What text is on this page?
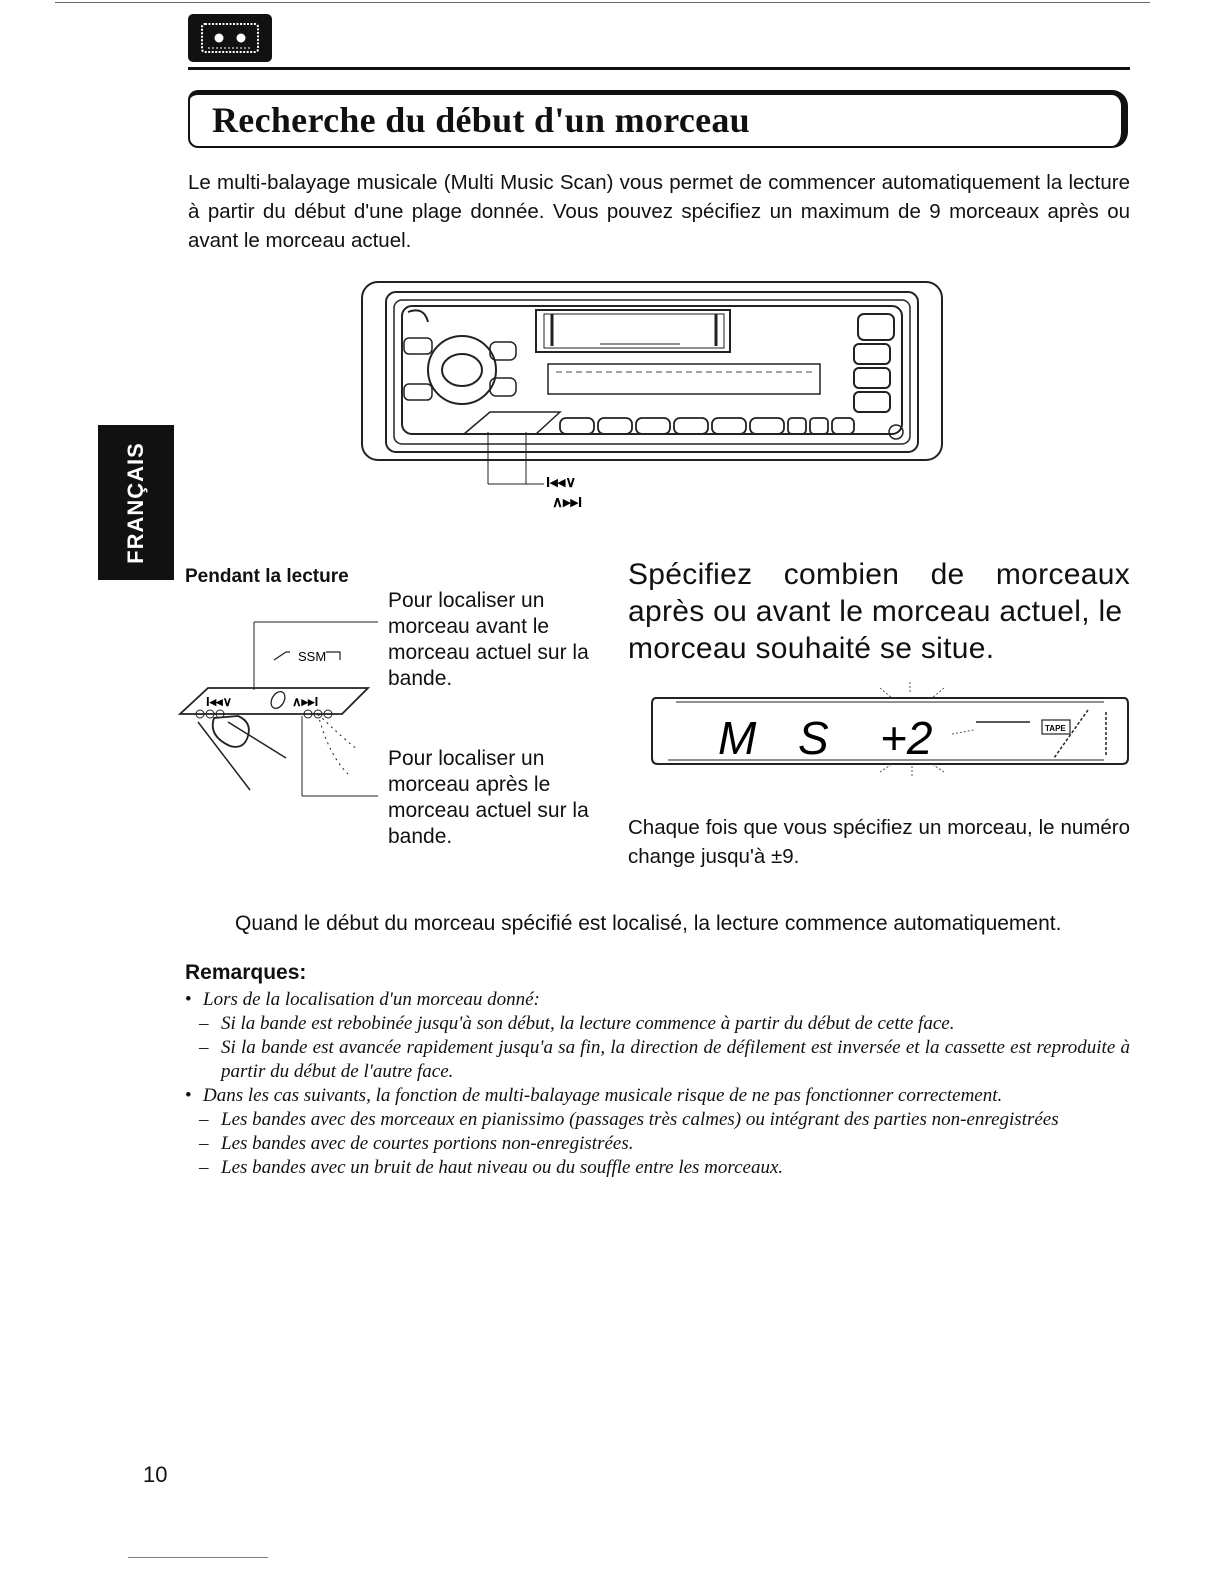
Recherche du début d'un morceau
Le multi-balayage musicale (Multi Music Scan) vous permet de commencer automatiquement la lecture à partir du début d'une plage donnée. Vous pouvez spécifiez un maximum de 9 morceaux après ou avant le morceau actuel.
FRANÇAIS	I◂◂∨
∧▸▸I
Pendant la lecture
SSM
I◂◂∨	∧▸▸I
Pour localiser un morceau avant le morceau actuel sur la bande.
Pour localiser un morceau après le morceau actuel sur la bande.
Spécifiez combien de morceaux
après ou avant le morceau actuel, le morceau souhaité se situe.
M S +2	TAPE
Chaque fois que vous spécifiez un morceau, le numéro change jusqu'à ±9.
Quand le début du morceau spécifié est localisé, la lecture commence automatiquement.
Remarques:
• Lors de la localisation d'un morceau donné:
– Si la bande est rebobinée jusqu'à son début, la lecture commence à partir du début de cette face.
– Si la bande est avancée rapidement jusqu'a sa fin, la direction de défilement est inversée et la cassette est reproduite à partir du début de l'autre face.
• Dans les cas suivants, la fonction de multi-balayage musicale risque de ne pas fonctionner correctement.
– Les bandes avec des morceaux en pianissimo (passages très calmes) ou intégrant des parties non-enregistrées
– Les bandes avec de courtes portions non-enregistrées.
– Les bandes avec un bruit de haut niveau ou du souffle entre les morceaux.
10
